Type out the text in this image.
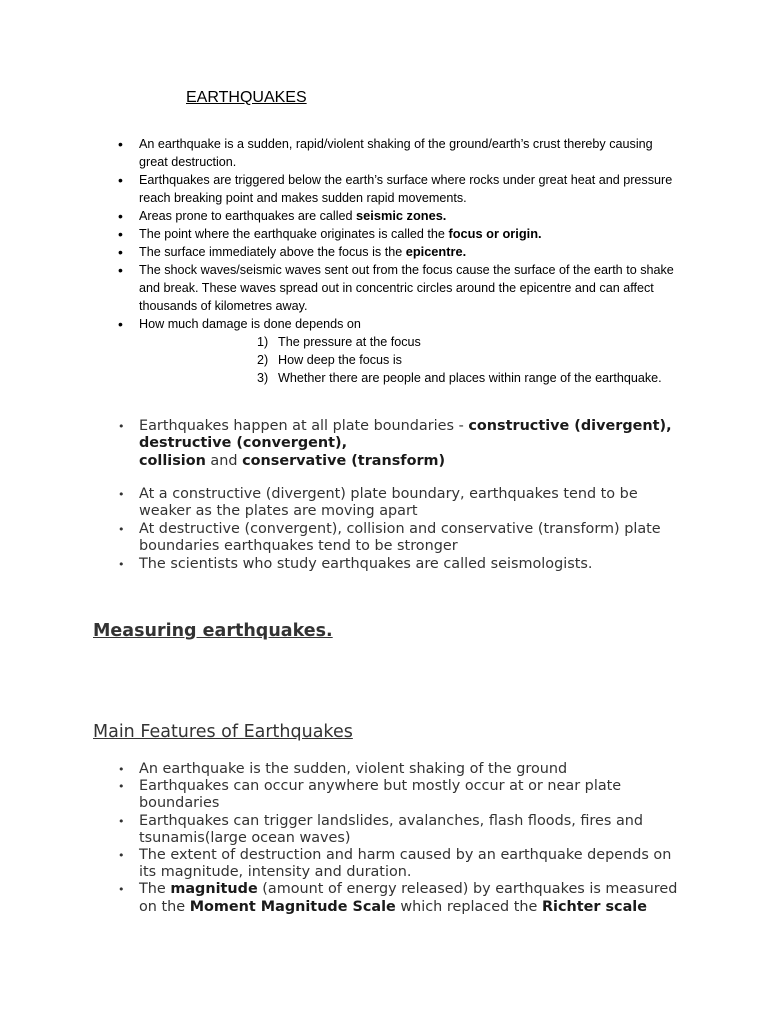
EARTHQUAKES
• An earthquake is a sudden, rapid/violent shaking of the ground/earth’s crust thereby causing great destruction.
• Earthquakes are triggered below the earth’s surface where rocks under great heat and pressure reach breaking point and makes sudden rapid movements.
• Areas prone to earthquakes are called seismic zones.
• The point where the earthquake originates is called the focus or origin.
• The surface immediately above the focus is the epicentre.
• The shock waves/seismic waves sent out from the focus cause the surface of the earth to shake and break. These waves spread out in concentric circles around the epicentre and can affect thousands of kilometres away.
• How much damage is done depends on
1) The pressure at the focus
2) How deep the focus is
3) Whether there are people and places within range of the earthquake.
• Earthquakes happen at all plate boundaries - constructive (divergent), destructive (convergent),
collision and conservative (transform)
• At a constructive (divergent) plate boundary, earthquakes tend to be weaker as the plates are moving apart
• At destructive (convergent), collision and conservative (transform) plate boundaries earthquakes tend to be stronger
• The scientists who study earthquakes are called seismologists.
Measuring earthquakes.
Main Features of Earthquakes
• An earthquake is the sudden, violent shaking of the ground
• Earthquakes can occur anywhere but mostly occur at or near plate boundaries
• Earthquakes can trigger landslides, avalanches, flash floods, fires and tsunamis(large ocean waves)
• The extent of destruction and harm caused by an earthquake depends on its magnitude, intensity and duration.
• The magnitude (amount of energy released) by earthquakes is measured on the Moment Magnitude Scale which replaced the Richter scale
